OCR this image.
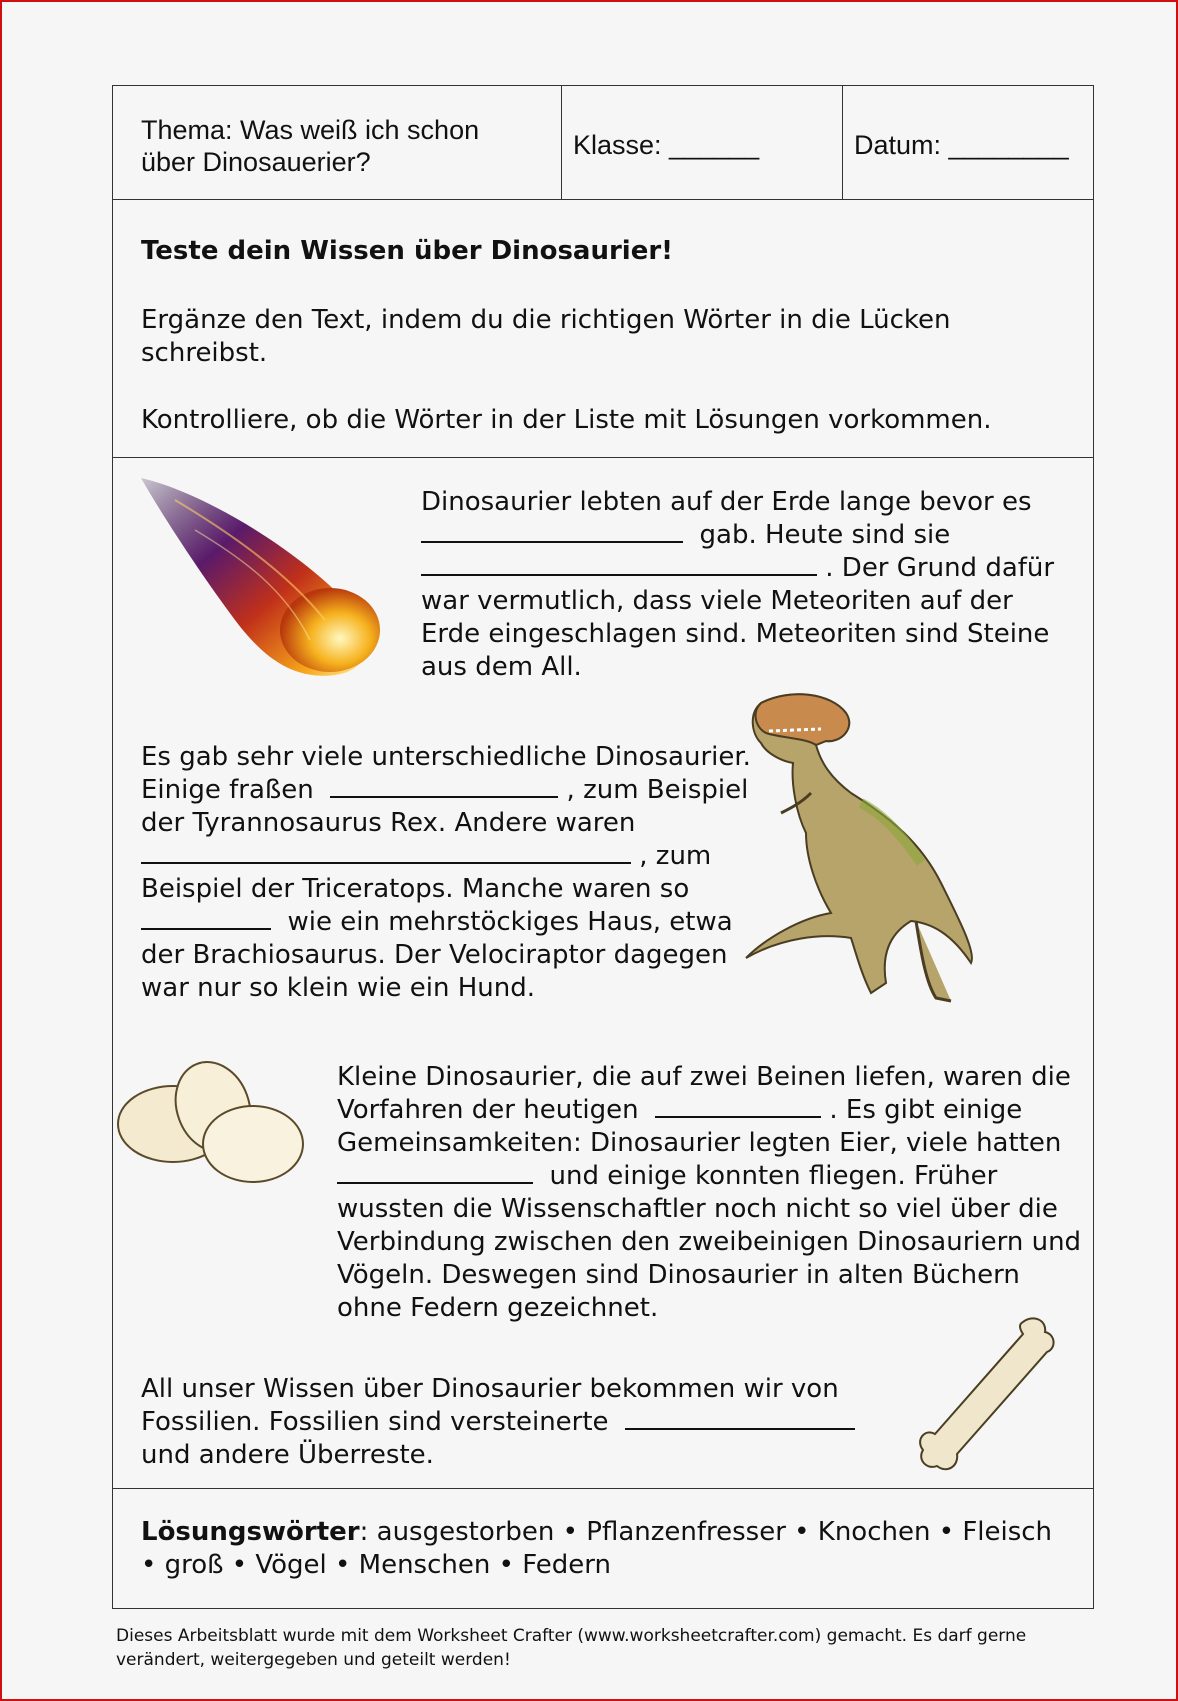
Thema: Was weiß ich schon
über Dinosauerier?
Klasse: ______	Datum: ________
Teste dein Wissen über Dinosaurier!
Ergänze den Text, indem du die richtigen Wörter in die Lücken
schreibst.
Kontrolliere, ob die Wörter in der Liste mit Lösungen vorkommen.
Dinosaurier lebten auf der Erde lange bevor es
gab. Heute sind sie
. Der Grund dafür
war vermutlich, dass viele Meteoriten auf der
Erde eingeschlagen sind. Meteoriten sind Steine
aus dem All.
Es gab sehr viele unterschiedliche Dinosaurier.
Einige fraßen	, zum Beispiel
der Tyrannosaurus Rex. Andere waren
, zum
Beispiel der Triceratops. Manche waren so
wie ein mehrstöckiges Haus, etwa
der Brachiosaurus. Der Velociraptor dagegen
war nur so klein wie ein Hund.
Kleine Dinosaurier, die auf zwei Beinen liefen, waren die
Vorfahren der heutigen	. Es gibt einige
Gemeinsamkeiten: Dinosaurier legten Eier, viele hatten
und einige konnten fliegen. Früher
wussten die Wissenschaftler noch nicht so viel über die
Verbindung zwischen den zweibeinigen Dinosauriern und
Vögeln. Deswegen sind Dinosaurier in alten Büchern
ohne Federn gezeichnet.
All unser Wissen über Dinosaurier bekommen wir von
Fossilien. Fossilien sind versteinerte
und andere Überreste.
Lösungswörter: ausgestorben • Pflanzenfresser • Knochen • Fleisch
• groß • Vögel • Menschen • Federn
Dieses Arbeitsblatt wurde mit dem Worksheet Crafter (www.worksheetcrafter.com) gemacht. Es darf gerne
verändert, weitergegeben und geteilt werden!
